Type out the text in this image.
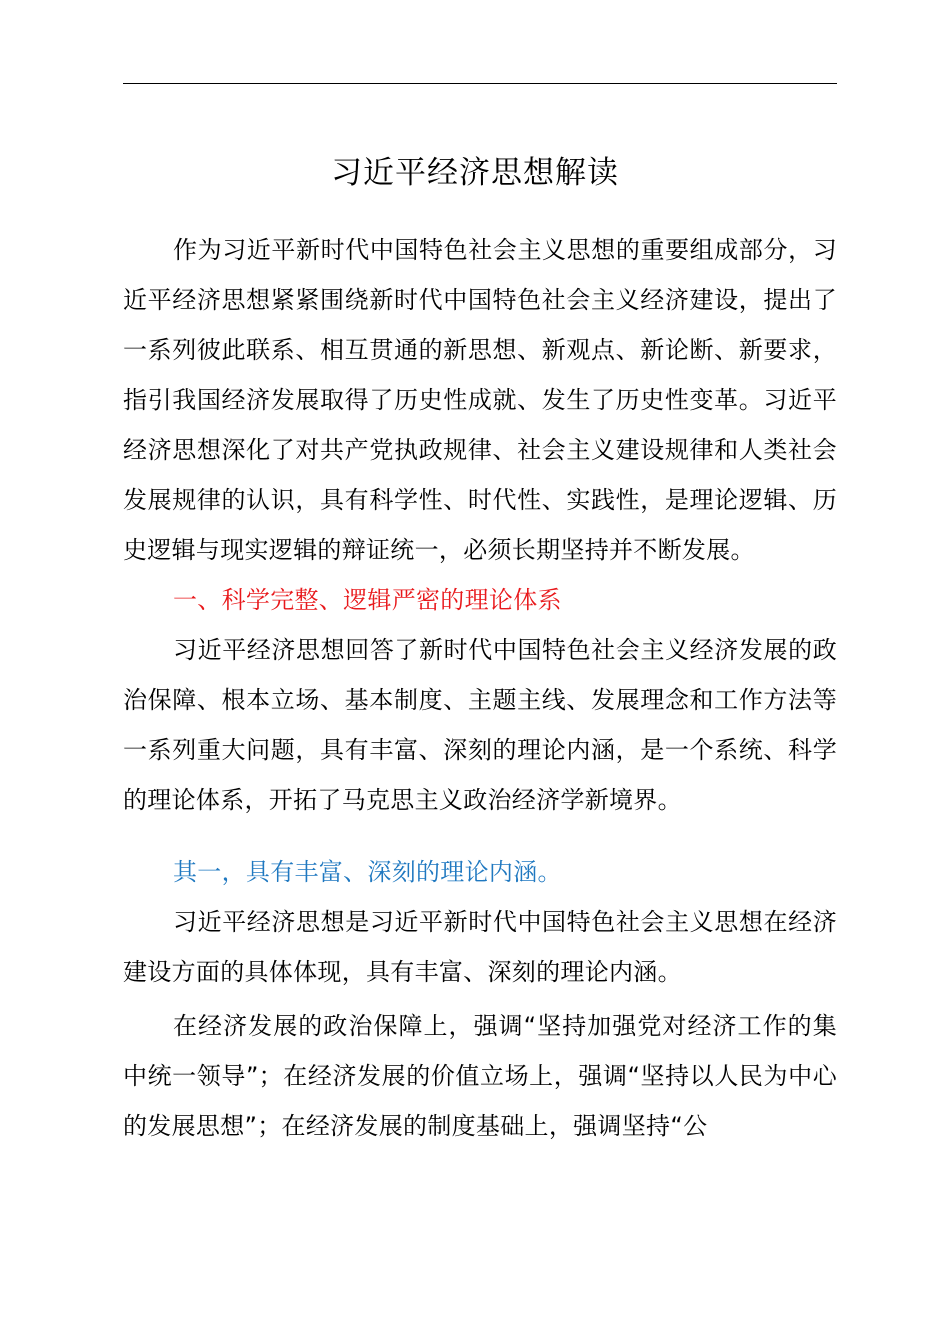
习近平经济思想解读

作为习近平新时代中国特色社会主义思想的重要组成部分，习近平经济思想紧紧围绕新时代中国特色社会主义经济建设，提出了一系列彼此联系、相互贯通的新思想、新观点、新论断、新要求，指引我国经济发展取得了历史性成就、发生了历史性变革。习近平经济思想深化了对共产党执政规律、社会主义建设规律和人类社会发展规律的认识，具有科学性、时代性、实践性，是理论逻辑、历史逻辑与现实逻辑的辩证统一，必须长期坚持并不断发展。

一、科学完整、逻辑严密的理论体系

习近平经济思想回答了新时代中国特色社会主义经济发展的政治保障、根本立场、基本制度、主题主线、发展理念和工作方法等一系列重大问题，具有丰富、深刻的理论内涵，是一个系统、科学的理论体系，开拓了马克思主义政治经济学新境界。

其一，具有丰富、深刻的理论内涵。

习近平经济思想是习近平新时代中国特色社会主义思想在经济建设方面的具体体现，具有丰富、深刻的理论内涵。

在经济发展的政治保障上，强调“坚持加强党对经济工作的集中统一领导”；在经济发展的价值立场上，强调“坚持以人民为中心的发展思想”；在经济发展的制度基础上，强调坚持“公
